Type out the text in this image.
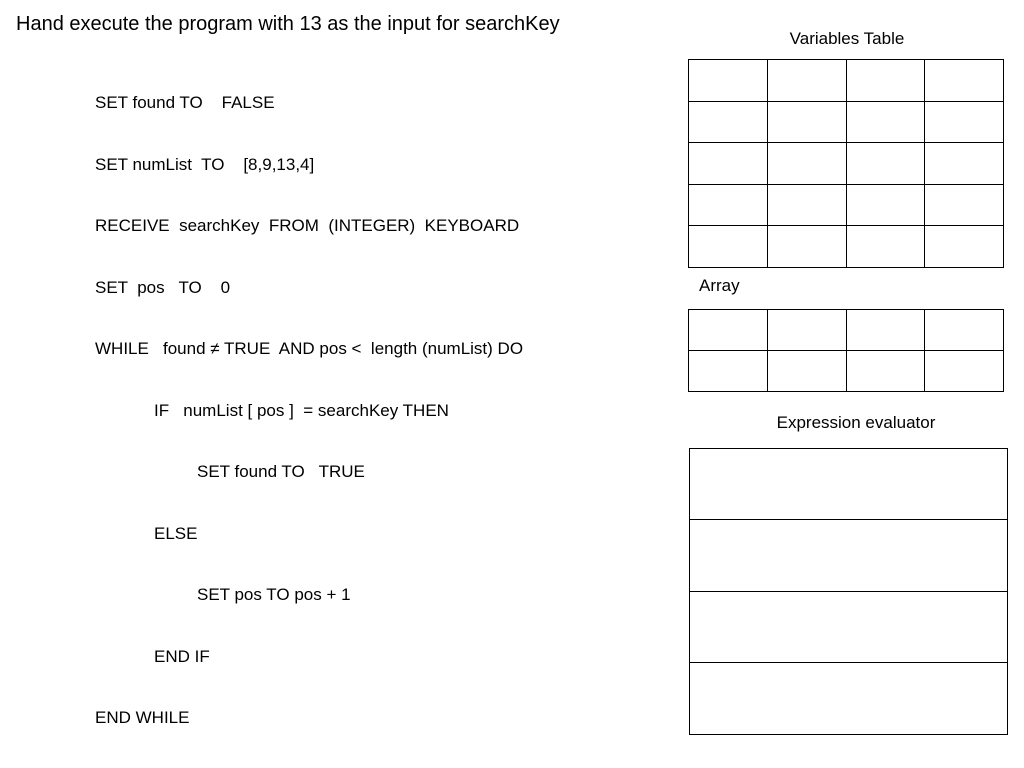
Hand execute the program with 13 as the input for searchKey
SET found TO    FALSE
SET numList  TO    [8,9,13,4]
RECEIVE  searchKey  FROM  (INTEGER)  KEYBOARD
SET  pos   TO    0
WHILE   found ≠ TRUE  AND pos <  length (numList) DO
IF   numList [ pos ]  = searchKey THEN
SET found TO   TRUE
ELSE
SET pos TO pos + 1
END IF
END WHILE
Variables Table

Array

Expression evaluator
